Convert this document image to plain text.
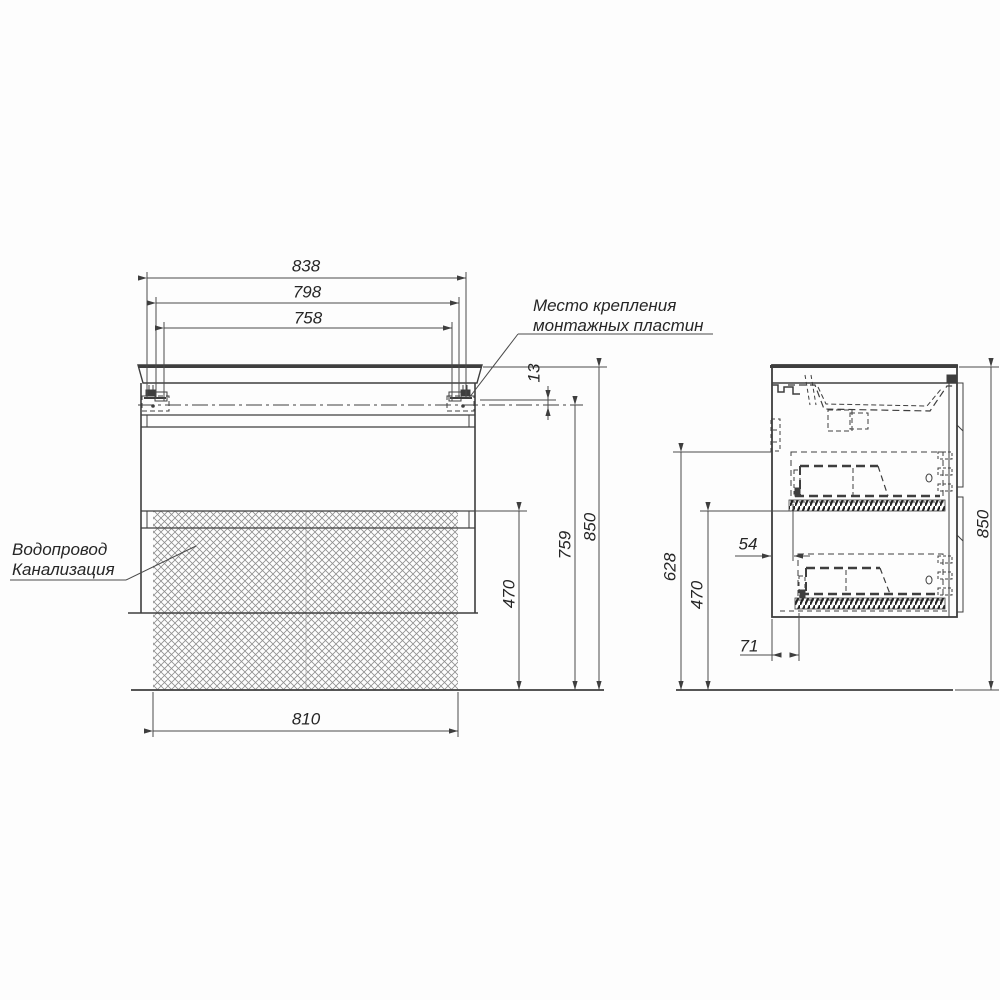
838
798
758
13
470
759
850
810
628
470
54
71
850
Место крепления
монтажных пластин
Водопровод
Канализация
